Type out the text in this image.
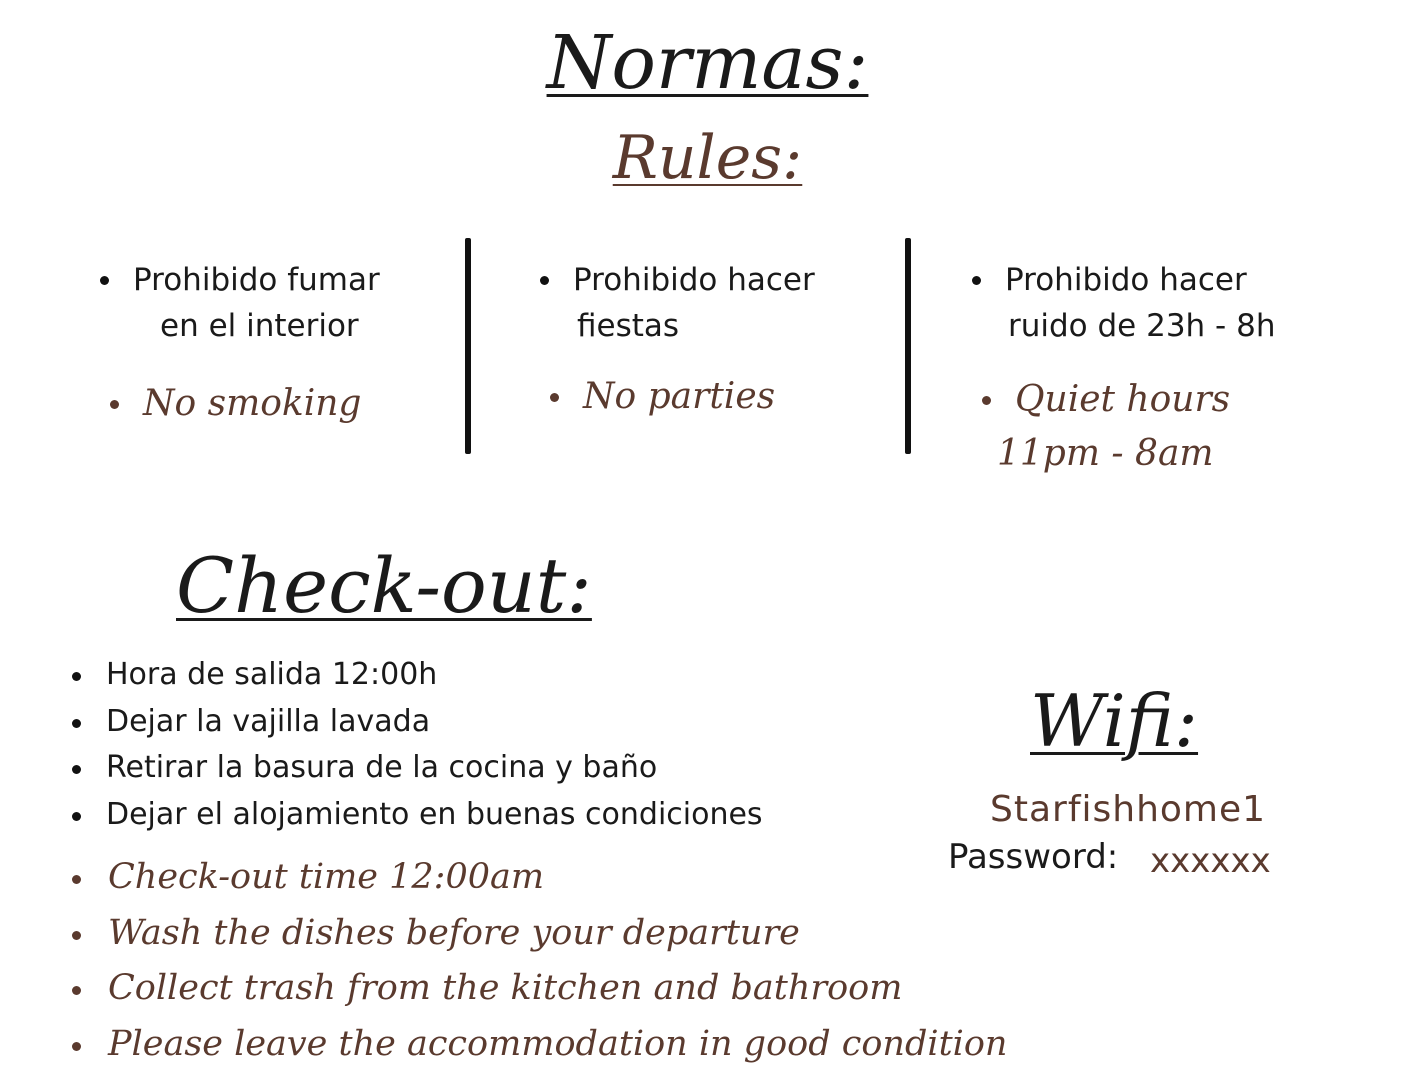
Normas:
Rules:
Prohibido fumar
en el interior
No smoking
Prohibido hacer
fiestas
No parties
Prohibido hacer
ruido de 23h - 8h
Quiet hours
11pm - 8am
Check-out:
Hora de salida 12:00h
Dejar la vajilla lavada
Retirar la basura de la cocina y baño
Dejar el alojamiento en buenas condiciones
Check-out time 12:00am
Wash the dishes before your departure
Collect trash from the kitchen and bathroom
Please leave the accommodation in good condition
Wifi:
Starfishhome1
Password: xxxxxx
